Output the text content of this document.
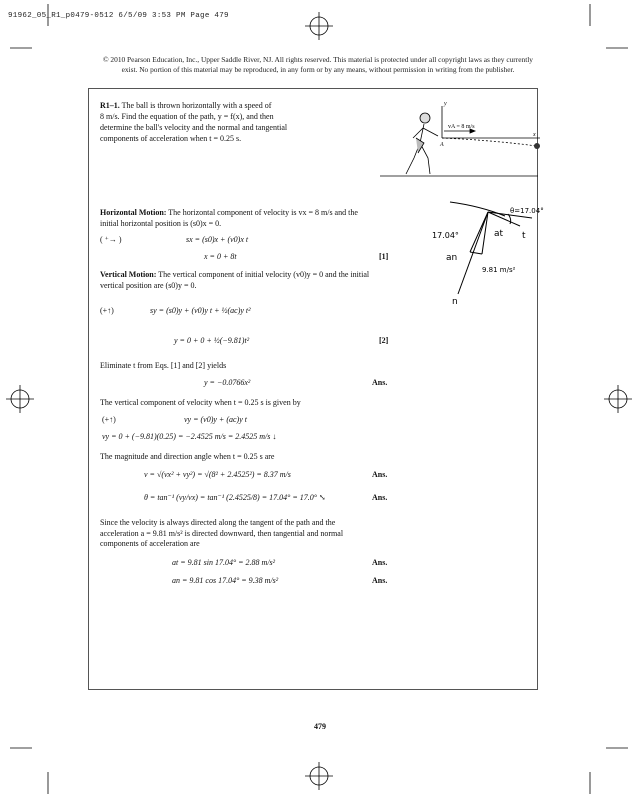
91962_05_R1_p0479-0512 6/5/09 3:53 PM Page 479
© 2010 Pearson Education, Inc., Upper Saddle River, NJ. All rights reserved. This material is protected under all copyright laws as they currently
exist. No portion of this material may be reproduced, in any form or by any means, without permission in writing from the publisher.
R1–1. The ball is thrown horizontally with a speed of
8 m/s. Find the equation of the path, y = f(x), and then
determine the ball's velocity and the normal and tangential
components of acceleration when t = 0.25 s.
y
x
vA = 8 m/s
A
θ=17.04°
17.04°	at t
an
9.81 m/s²
n
Horizontal Motion: The horizontal component of velocity is vx = 8 m/s and the
initial horizontal position is (s0)x = 0.
( ⁺→ )	sx = (s0)x + (v0)x t
x = 0 + 8t	[1]
Vertical Motion: The vertical component of initial velocity (v0)y = 0 and the initial
vertical position are (s0)y = 0.
(+↑)	sy = (s0)y + (v0)y t + ½(ac)y t²
y = 0 + 0 + ½(−9.81)t²	[2]
Eliminate t from Eqs. [1] and [2] yields
y = −0.0766x²	Ans.
The vertical component of velocity when t = 0.25 s is given by
(+↑)	vy = (v0)y + (ac)y t
vy = 0 + (−9.81)(0.25) = −2.4525 m/s = 2.4525 m/s ↓
The magnitude and direction angle when t = 0.25 s are
v = √(vx² + vy²) = √(8² + 2.4525²) = 8.37 m/s	Ans.
θ = tan⁻¹ (vy/vx) = tan⁻¹ (2.4525/8) = 17.04° = 17.0° ⤡	Ans.
Since the velocity is always directed along the tangent of the path and the
acceleration a = 9.81 m/s² is directed downward, then tangential and normal
components of acceleration are
at = 9.81 sin 17.04° = 2.88 m/s²	Ans.
an = 9.81 cos 17.04° = 9.38 m/s²	Ans.
479
